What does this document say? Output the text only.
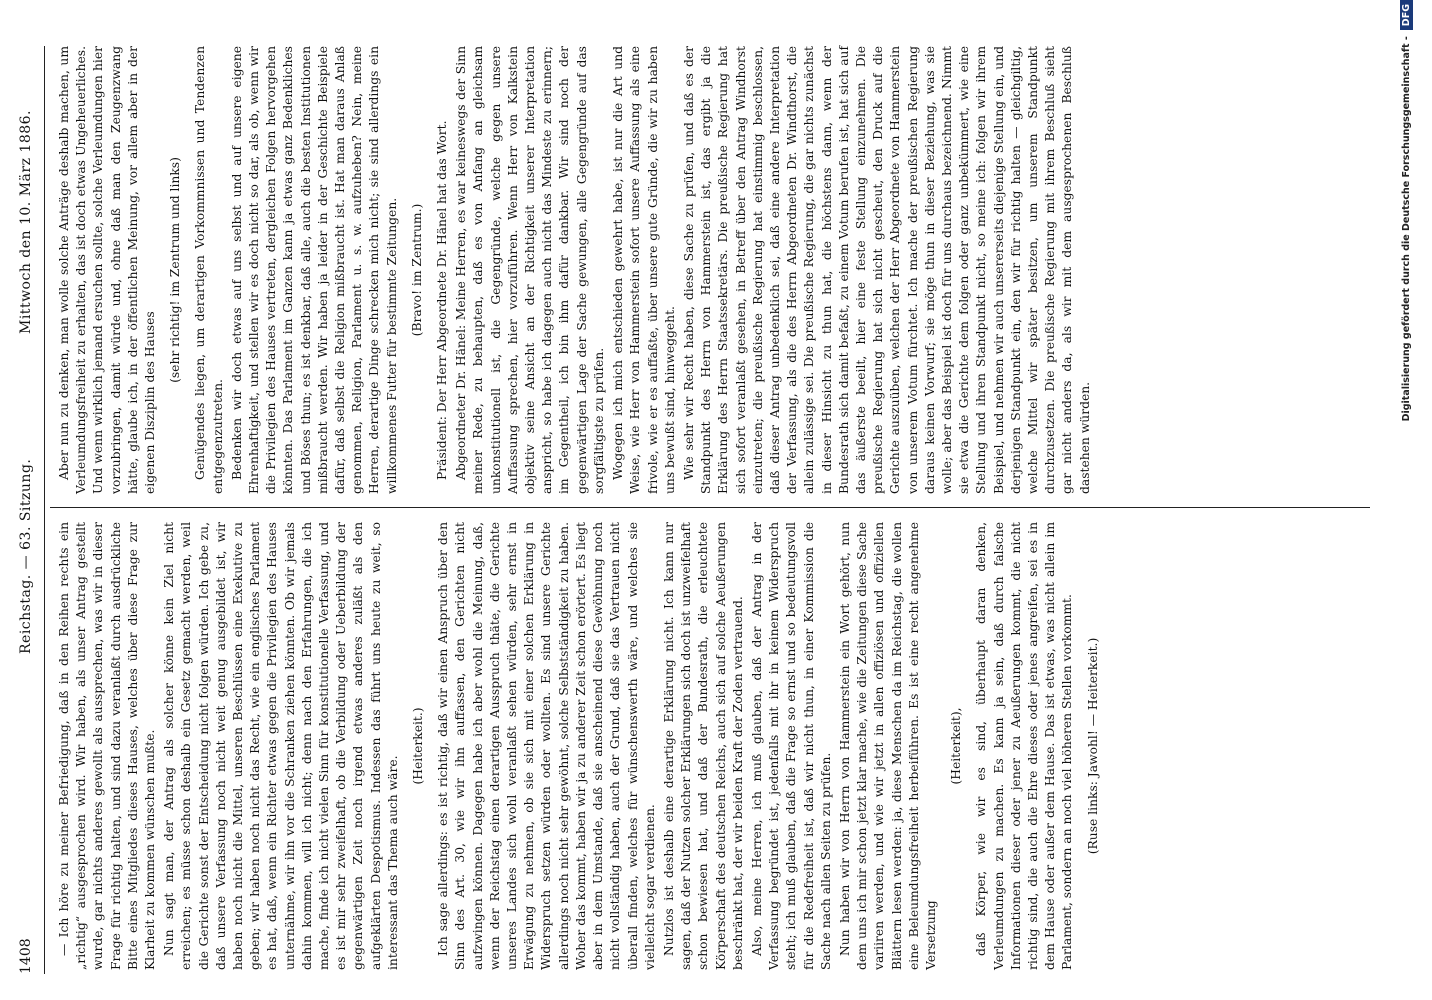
1408
Reichstag. — 63. Sitzung.
Mittwoch den 10. März 1886.

— Ich höre zu meiner Befriedigung, daß in den Reihen rechts ein „richtig“ ausgesprochen wird. Wir haben, als unser Antrag gestellt wurde, gar nichts anderes gewollt als aussprechen, was wir in dieser Frage für richtig halten, und sind dazu veranlaßt durch ausdrückliche Bitte eines Mitgliedes dieses Hauses, welches über diese Frage zur Klarheit zu kommen wünschen mußte. Nun sagt man, der Antrag als solcher könne kein Ziel nicht erreichen; es müsse schon deshalb ein Gesetz gemacht werden, weil die Gerichte sonst der Entscheidung nicht folgen würden. Ich gebe zu, daß unsere Verfassung noch nicht weit genug ausgebildet ist, wir haben noch nicht die Mittel, unseren Beschlüssen eine Exekutive zu geben; wir haben noch nicht das Recht, wie ein englisches Parlament es hat, daß, wenn ein Richter etwas gegen die Privilegien des Hauses unternähme, wir ihn vor die Schranken ziehen könnten. Ob wir jemals dahin kommen, will ich nicht; denn nach den Erfahrungen, die ich mache, finde ich nicht vielen Sinn für konstitutionelle Verfassung, und es ist mir sehr zweifelhaft, ob die Verbildung oder Ueberbildung der gegenwärtigen Zeit noch irgend etwas anderes zuläßt als den aufgeklärten Despotismus. Indessen das führt uns heute zu weit, so interessant das Thema auch wäre.

(Heiterkeit.) Ich sage allerdings: es ist richtig, daß wir einen Anspruch über den Sinn des Art. 30, wie wir ihn auffassen, den Gerichten nicht aufzwingen können. Dagegen habe ich aber wohl die Meinung, daß, wenn der Reichstag einen derartigen Ausspruch thäte, die Gerichte unseres Landes sich wohl veranlaßt sehen würden, sehr ernst in Erwägung zu nehmen, ob sie sich mit einer solchen Erklärung in Widerspruch setzen würden oder wollten. Es sind unsere Gerichte allerdings noch nicht sehr gewöhnt, solche Selbstständigkeit zu haben. Woher das kommt, haben wir ja zu anderer Zeit schon erörtert. Es liegt aber in dem Umstande, daß sie anscheinend diese Gewöhnung noch nicht vollständig haben, auch der Grund, daß sie das Vertrauen nicht überall finden, welches für wünschenswerth wäre, und welches sie vielleicht sogar verdienen. Nutzlos ist deshalb eine derartige Erklärung nicht. Ich kann nur sagen, daß der Nutzen solcher Erklärungen sich doch ist unzweifelhaft schon bewiesen hat, und daß der Bundesrath, die erleuchtete Körperschaft des deutschen Reichs, auch sich auf solche Aeußerungen beschränkt hat, der wir beiden Kraft der Zoden vertrauend. Also, meine Herren, ich muß glauben, daß der Antrag in der Verfassung begründet ist, jedenfalls mit ihr in keinem Widerspruch steht; ich muß glauben, daß die Frage so ernst und so bedeutungsvoll für die Redefreiheit ist, daß wir nicht thun, in einer Kommission die Sache nach allen Seiten zu prüfen. Nun haben wir von Herrn von Hammerstein ein Wort gehört, nun dem uns ich mir schon jetzt klar mache, wie die Zeitungen diese Sache variiren werden, und wie wir jetzt in allen offiziösen und offiziellen Blättern lesen werden: ja, diese Menschen da im Reichstag, die wollen eine Beleumdungsfreiheit herbeiführen. Es ist eine recht angenehme Versetzung

(Heiterkeit), daß Körper, wie wir es sind, überhaupt daran denken, Verleumdungen zu machen. Es kann ja sein, daß durch falsche Informationen dieser oder jener zu Aeußerungen kommt, die nicht richtig sind, die auch die Ehre dieses oder jenes angreifen, sei es in dem Hause oder außer dem Hause. Das ist etwas, was nicht allein im Parlament, sondern an noch viel höheren Stellen vorkommt. (Ruse links: Jawohl! — Heiterkeit.)

Aber nun zu denken, man wolle solche Anträge deshalb machen, um Verleumdungsfreiheit zu erhalten, das ist doch etwas Ungeheuerliches. Und wenn wirklich jemand ersuchen sollte, solche Verleumdungen hier vorzubringen, damit würde und, ohne daß man den Zeugenzwang hätte, glaube ich, in der öffentlichen Meinung, vor allem aber in der eigenen Disziplin des Hauses

(sehr richtig! im Zentrum und links) Genügendes liegen, um derartigen Vorkommnissen und Tendenzen entgegenzutreten. Bedenken wir doch etwas auf uns selbst und auf unsere eigene Ehrenhaftigkeit, und stellen wir es doch nicht so dar, als ob, wenn wir die Privilegien des Hauses vertreten, dergleichen Folgen hervorgehen könnten. Das Parlament im Ganzen kann ja etwas ganz Bedenkliches und Böses thun; es ist denkbar, daß alle, auch die besten Institutionen mißbraucht werden. Wir haben ja leider in der Geschichte Beispiele dafür, daß selbst die Religion mißbraucht ist. Hat man daraus Anlaß genommen, Religion, Parlament u. s. w. aufzuheben? Nein, meine Herren, derartige Dinge schrecken mich nicht; sie sind allerdings ein willkommenes Futter für bestimmte Zeitungen. (Bravo! im Zentrum.) Präsident: Der Herr Abgeordnete Dr. Hänel hat das Wort. Abgeordneter Dr. Hänel: Meine Herren, es war keineswegs der Sinn meiner Rede, zu behaupten, daß es von Anfang an gleichsam unkonstitutionell ist, die Gegengründe, welche gegen unsere Auffassung sprechen, hier vorzuführen. Wenn Herr von Kalkstein objektiv seine Ansicht an der Richtigkeit unserer Interpretation anspricht, so habe ich dagegen auch nicht das Mindeste zu erinnern; im Gegentheil, ich bin ihm dafür dankbar. Wir sind noch der gegenwärtigen Lage der Sache gewungen, alle Gegengründe auf das sorgfältigste zu prüfen. Wogegen ich mich entschieden gewehrt habe, ist nur die Art und Weise, wie Herr von Hammerstein sofort unsere Auffassung als eine frivole, wie er es auffaßte, über unsere gute Gründe, die wir zu haben uns bewußt sind, hinweggeht. Wie sehr wir Recht haben, diese Sache zu prüfen, und daß es der Standpunkt des Herrn von Hammerstein ist, das ergibt ja die Erklärung des Herrn Staatssekretärs. Die preußische Regierung hat sich sofort veranlaßt gesehen, in Betreff über den Antrag Windhorst einzutreten; die preußische Regierung hat einstimmig beschlossen, daß dieser Antrag unbedenklich sei, daß eine andere Interpretation der Verfassung, als die des Herrn Abgeordneten Dr. Windthorst, die allein zulässige sei. Die preußische Regierung, die gar nichts zunächst in dieser Hinsicht zu thun hat, die höchstens dann, wenn der Bundesrath sich damit befaßt, zu einem Votum berufen ist, hat sich auf das äußerste beeilt, hier eine feste Stellung einzunehmen. Die preußische Regierung hat sich nicht gescheut, den Druck auf die Gerichte auszuüben, welchen der Herr Abgeordnete von Hammerstein von unserem Votum fürchtet. Ich mache der preußischen Regierung daraus keinen Vorwurf; sie möge thun in dieser Beziehung, was sie wolle; aber das Beispiel ist doch für uns durchaus bezeichnend. Nimmt sie etwa die Gerichte dem folgen oder ganz unbekümmert, wie eine Stellung und ihren Standpunkt nicht, so meine ich: folgen wir ihrem Beispiel, und nehmen wir auch unsererseits diejenige Stellung ein, und derjenigen Standpunkt ein, den wir für richtig halten — gleichgiltig, welche Mittel wir später besitzen, um unserem Standpunkt durchzusetzen. Die preußische Regierung mit ihrem Beschluß sieht gar nicht anders da, als wir mit dem ausgesprochenen Beschluß dastehen würden.

Digitalisierung gefördert durch die Deutsche Forschungsgemeinschaft -DFG
